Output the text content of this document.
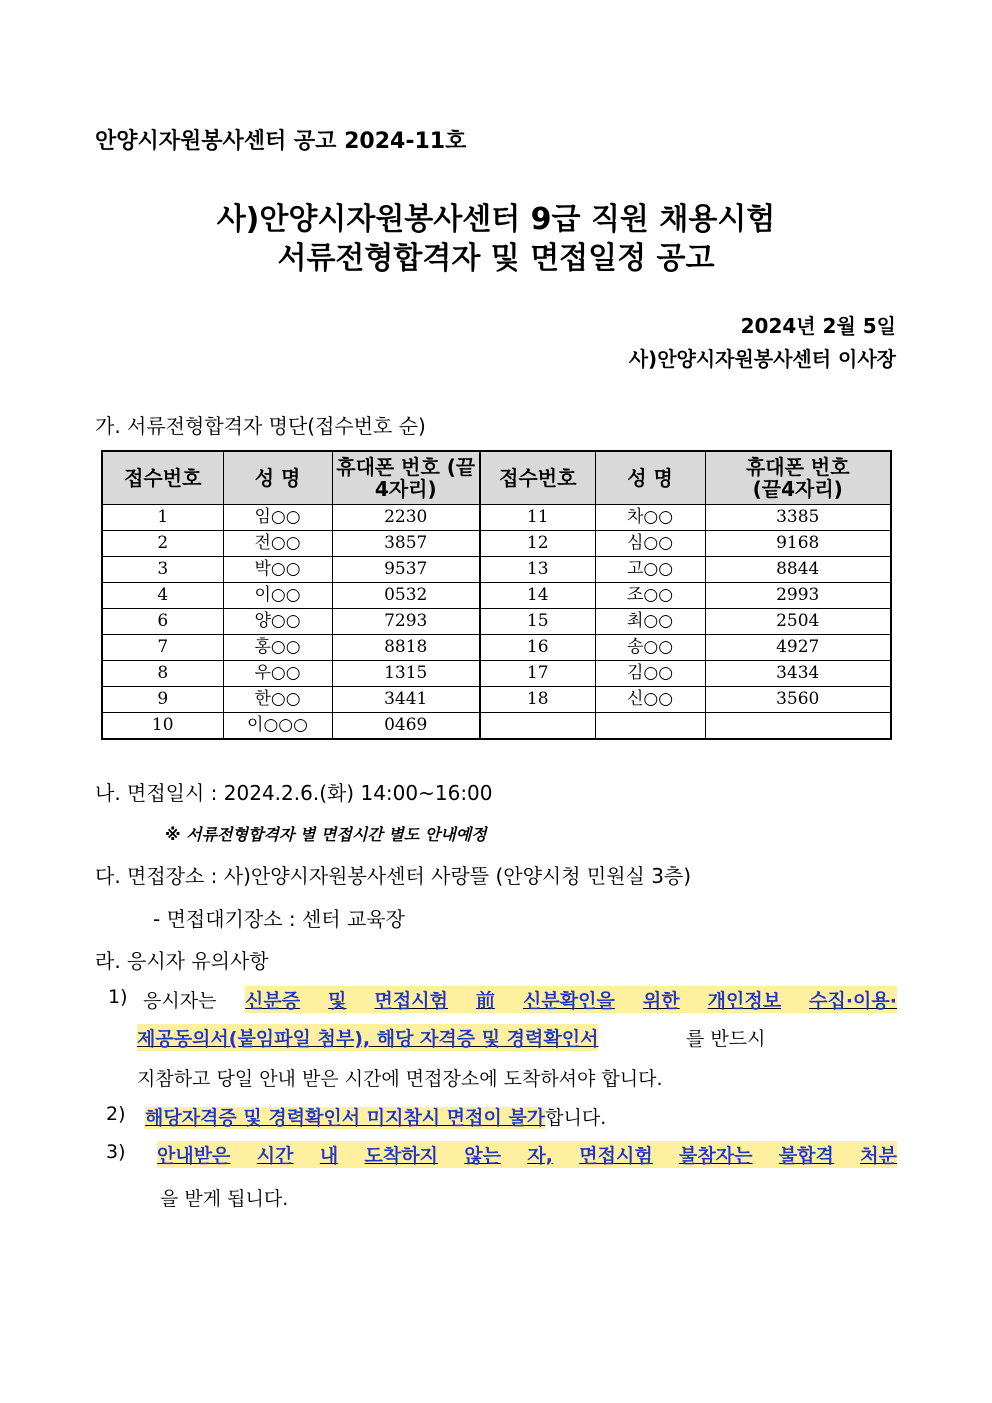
안양시자원봉사센터 공고 2024-11호
사)안양시자원봉사센터 9급 직원 채용시험
서류전형합격자 및 면접일정 공고
2024년 2월 5일
사)안양시자원봉사센터 이사장
가. 서류전형합격자 명단(접수번호 순)
접수번호	성 명	휴대폰 번호 (끝4자리)	접수번호	성 명	휴대폰 번호 (끝4자리)
1	임○○	2230	11	차○○	3385
2	전○○	3857	12	심○○	9168
3	박○○	9537	13	고○○	8844
4	이○○	0532	14	조○○	2993
6	양○○	7293	15	최○○	2504
7	홍○○	8818	16	송○○	4927
8	우○○	1315	17	김○○	3434
9	한○○	3441	18	신○○	3560
10	이○○○	0469			
나. 면접일시 : 2024.2.6.(화) 14:00~16:00
※ 서류전형합격자 별 면접시간 별도 안내예정
다. 면접장소 : 사)안양시자원봉사센터 사랑뜰 (안양시청 민원실 3층)
- 면접대기장소 : 센터 교육장
라. 응시자 유의사항
1) 응시자는 신분증 및 면접시험 前 신분확인을 위한 개인정보 수집·이용·
제공동의서(붙임파일 첨부), 해당 자격증 및 경력확인서	를 반드시
지참하고 당일 안내 받은 시간에 면접장소에 도착하셔야 합니다.
2) 해당자격증 및 경력확인서 미지참시 면접이 불가합니다.
3) 안내받은 시간 내 도착하지 않는 자, 면접시험 불참자는 불합격 처분
을 받게 됩니다.
